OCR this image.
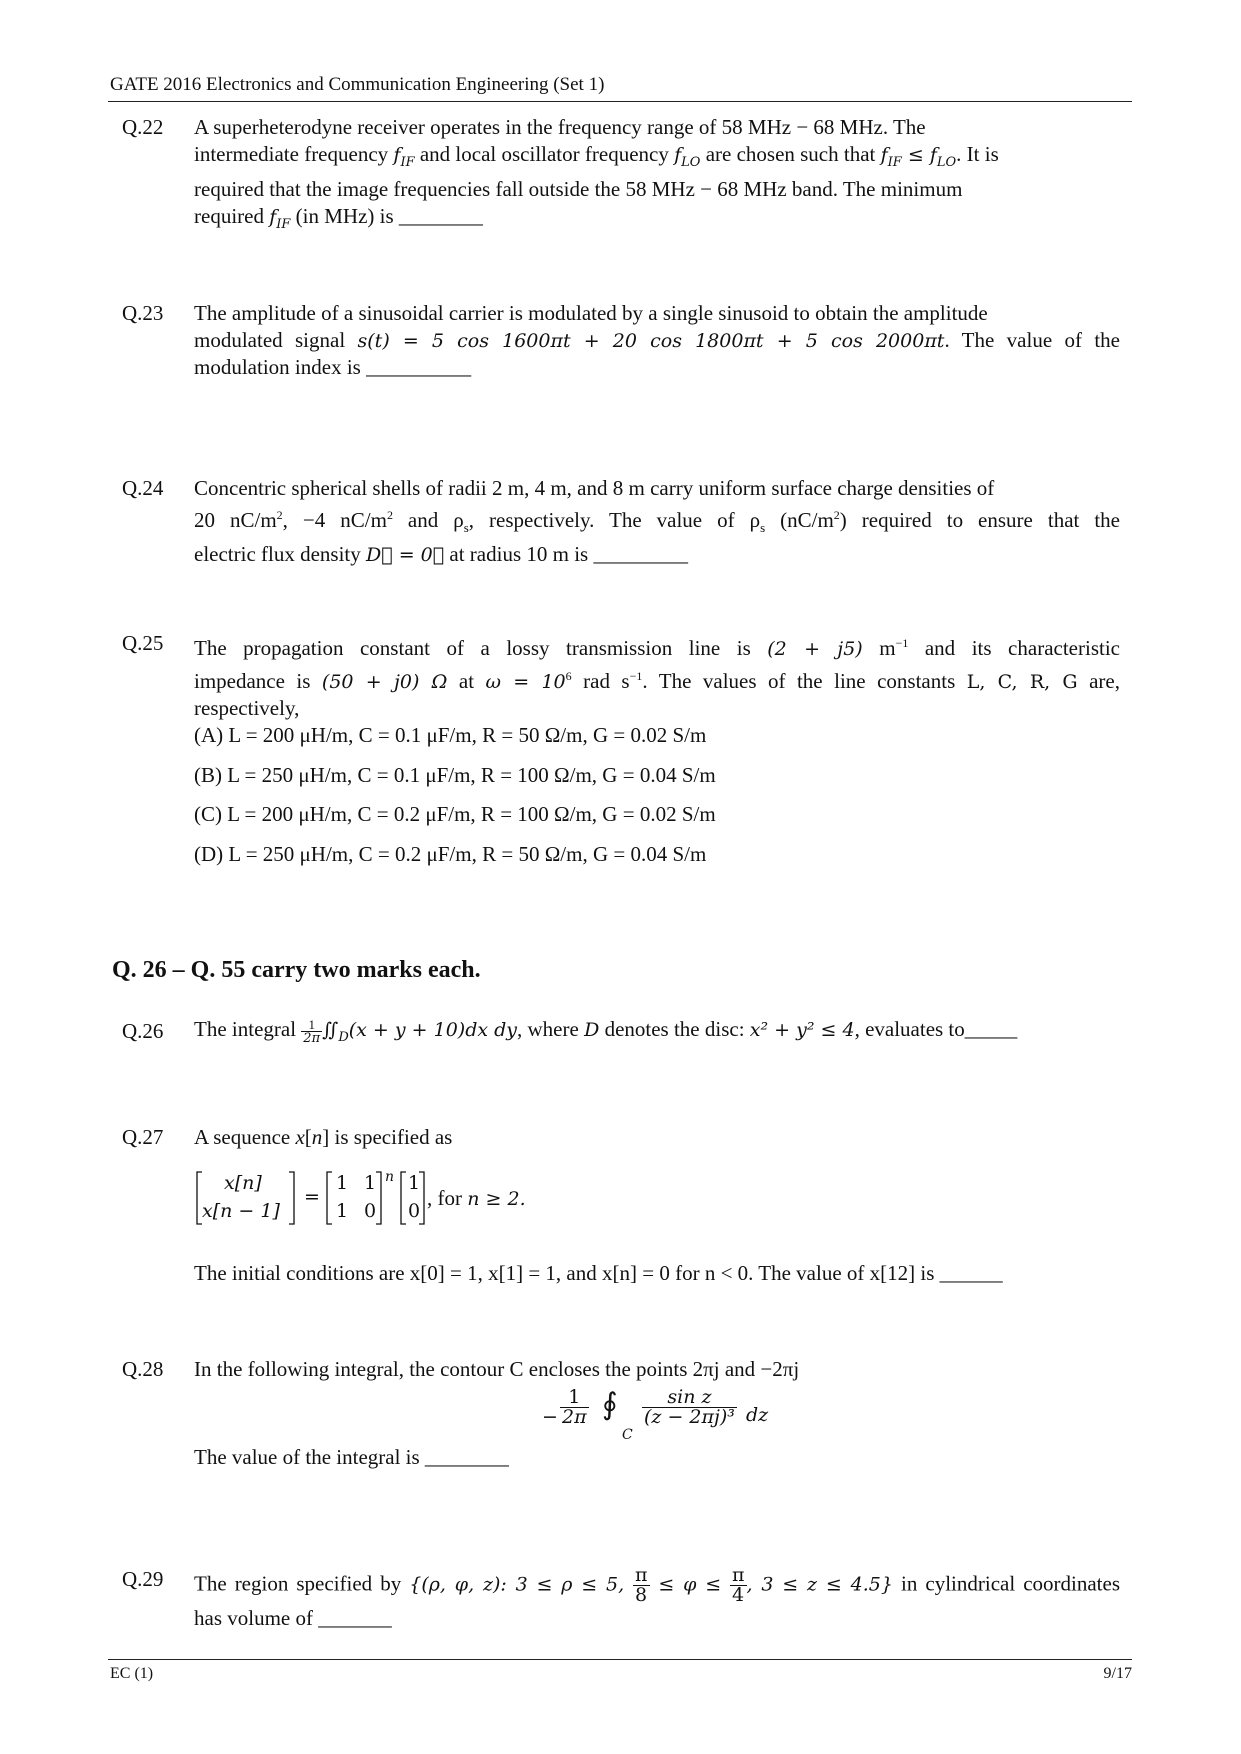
GATE 2016 Electronics and Communication Engineering (Set 1)
Q.22	A superheterodyne receiver operates in the frequency range of 58 MHz − 68 MHz. The
intermediate frequency $f_{IF}$ and local oscillator frequency $f_{LO}$ are chosen such that $f_{IF} \le f_{LO}$. It is
required that the image frequencies fall outside the 58 MHz − 68 MHz band. The minimum
required $f_{IF}$ (in MHz) is ________
Q.23	The amplitude of a sinusoidal carrier is modulated by a single sinusoid to obtain the amplitude
modulated signal s(t) = 5 cos 1600πt + 20 cos 1800πt + 5 cos 2000πt. The value of the
modulation index is __________
Q.24	Concentric spherical shells of radii 2 m, 4 m, and 8 m carry uniform surface charge densities of
20 $nC/m^2$, −4 $nC/m^2$ and $\rho_s$, respectively. The value of $\rho_s$ $(nC/m^2)$ required to ensure that the
electric flux density D⃗ = 0⃗ at radius 10 m is _________
Q.25	The propagation constant of a lossy transmission line is (2 + j5) $m^{-1}$ and its characteristic
impedance is (50 + j0) Ω at $\omega = 10^6$ rad $s^{-1}$. The values of the line constants L, C, R, G are,
respectively,
(A) L = 200 μH/m, C = 0.1 μF/m, R = 50 Ω/m, G = 0.02 S/m
(B) L = 250 μH/m, C = 0.1 μF/m, R = 100 Ω/m, G = 0.04 S/m
(C) L = 200 μH/m, C = 0.2 μF/m, R = 100 Ω/m, G = 0.02 S/m
(D) L = 250 μH/m, C = 0.2 μF/m, R = 50 Ω/m, G = 0.04 S/m
Q. 26 – Q. 55 carry two marks each.
Q.26	The integral $\frac{1}{2\pi}$ $∬_D(x + y + 10)dx$ dy, where D denotes the disc: x² + y² ≤ 4, evaluates to_____
Q.27	A sequence x[n] is specified as
x[n]
x[n − 1]
=
1 1
1 0
n 1
0
, for n ≥ 2.
The initial conditions are x[0] = 1, x[1] = 1, and x[n] = 0 for n < 0. The value of x[12] is ______
Q.28	In the following integral, the contour C encloses the points 2πj and −2πj
− $\frac{1}{2\pi}$ ∮
C
$\frac{\text{sin z}}{\text{(z − 2πj)³}}$ dz
The value of the integral is ________
Q.29	The region specified by {(ρ, φ, z): 3 ≤ ρ ≤ 5, $\frac{\pi}{8} \le \varphi \le \frac{\pi}{4}$ , 3 ≤ z ≤ 4.5} in cylindrical coordinates
has volume of _______
EC (1)	9/17
